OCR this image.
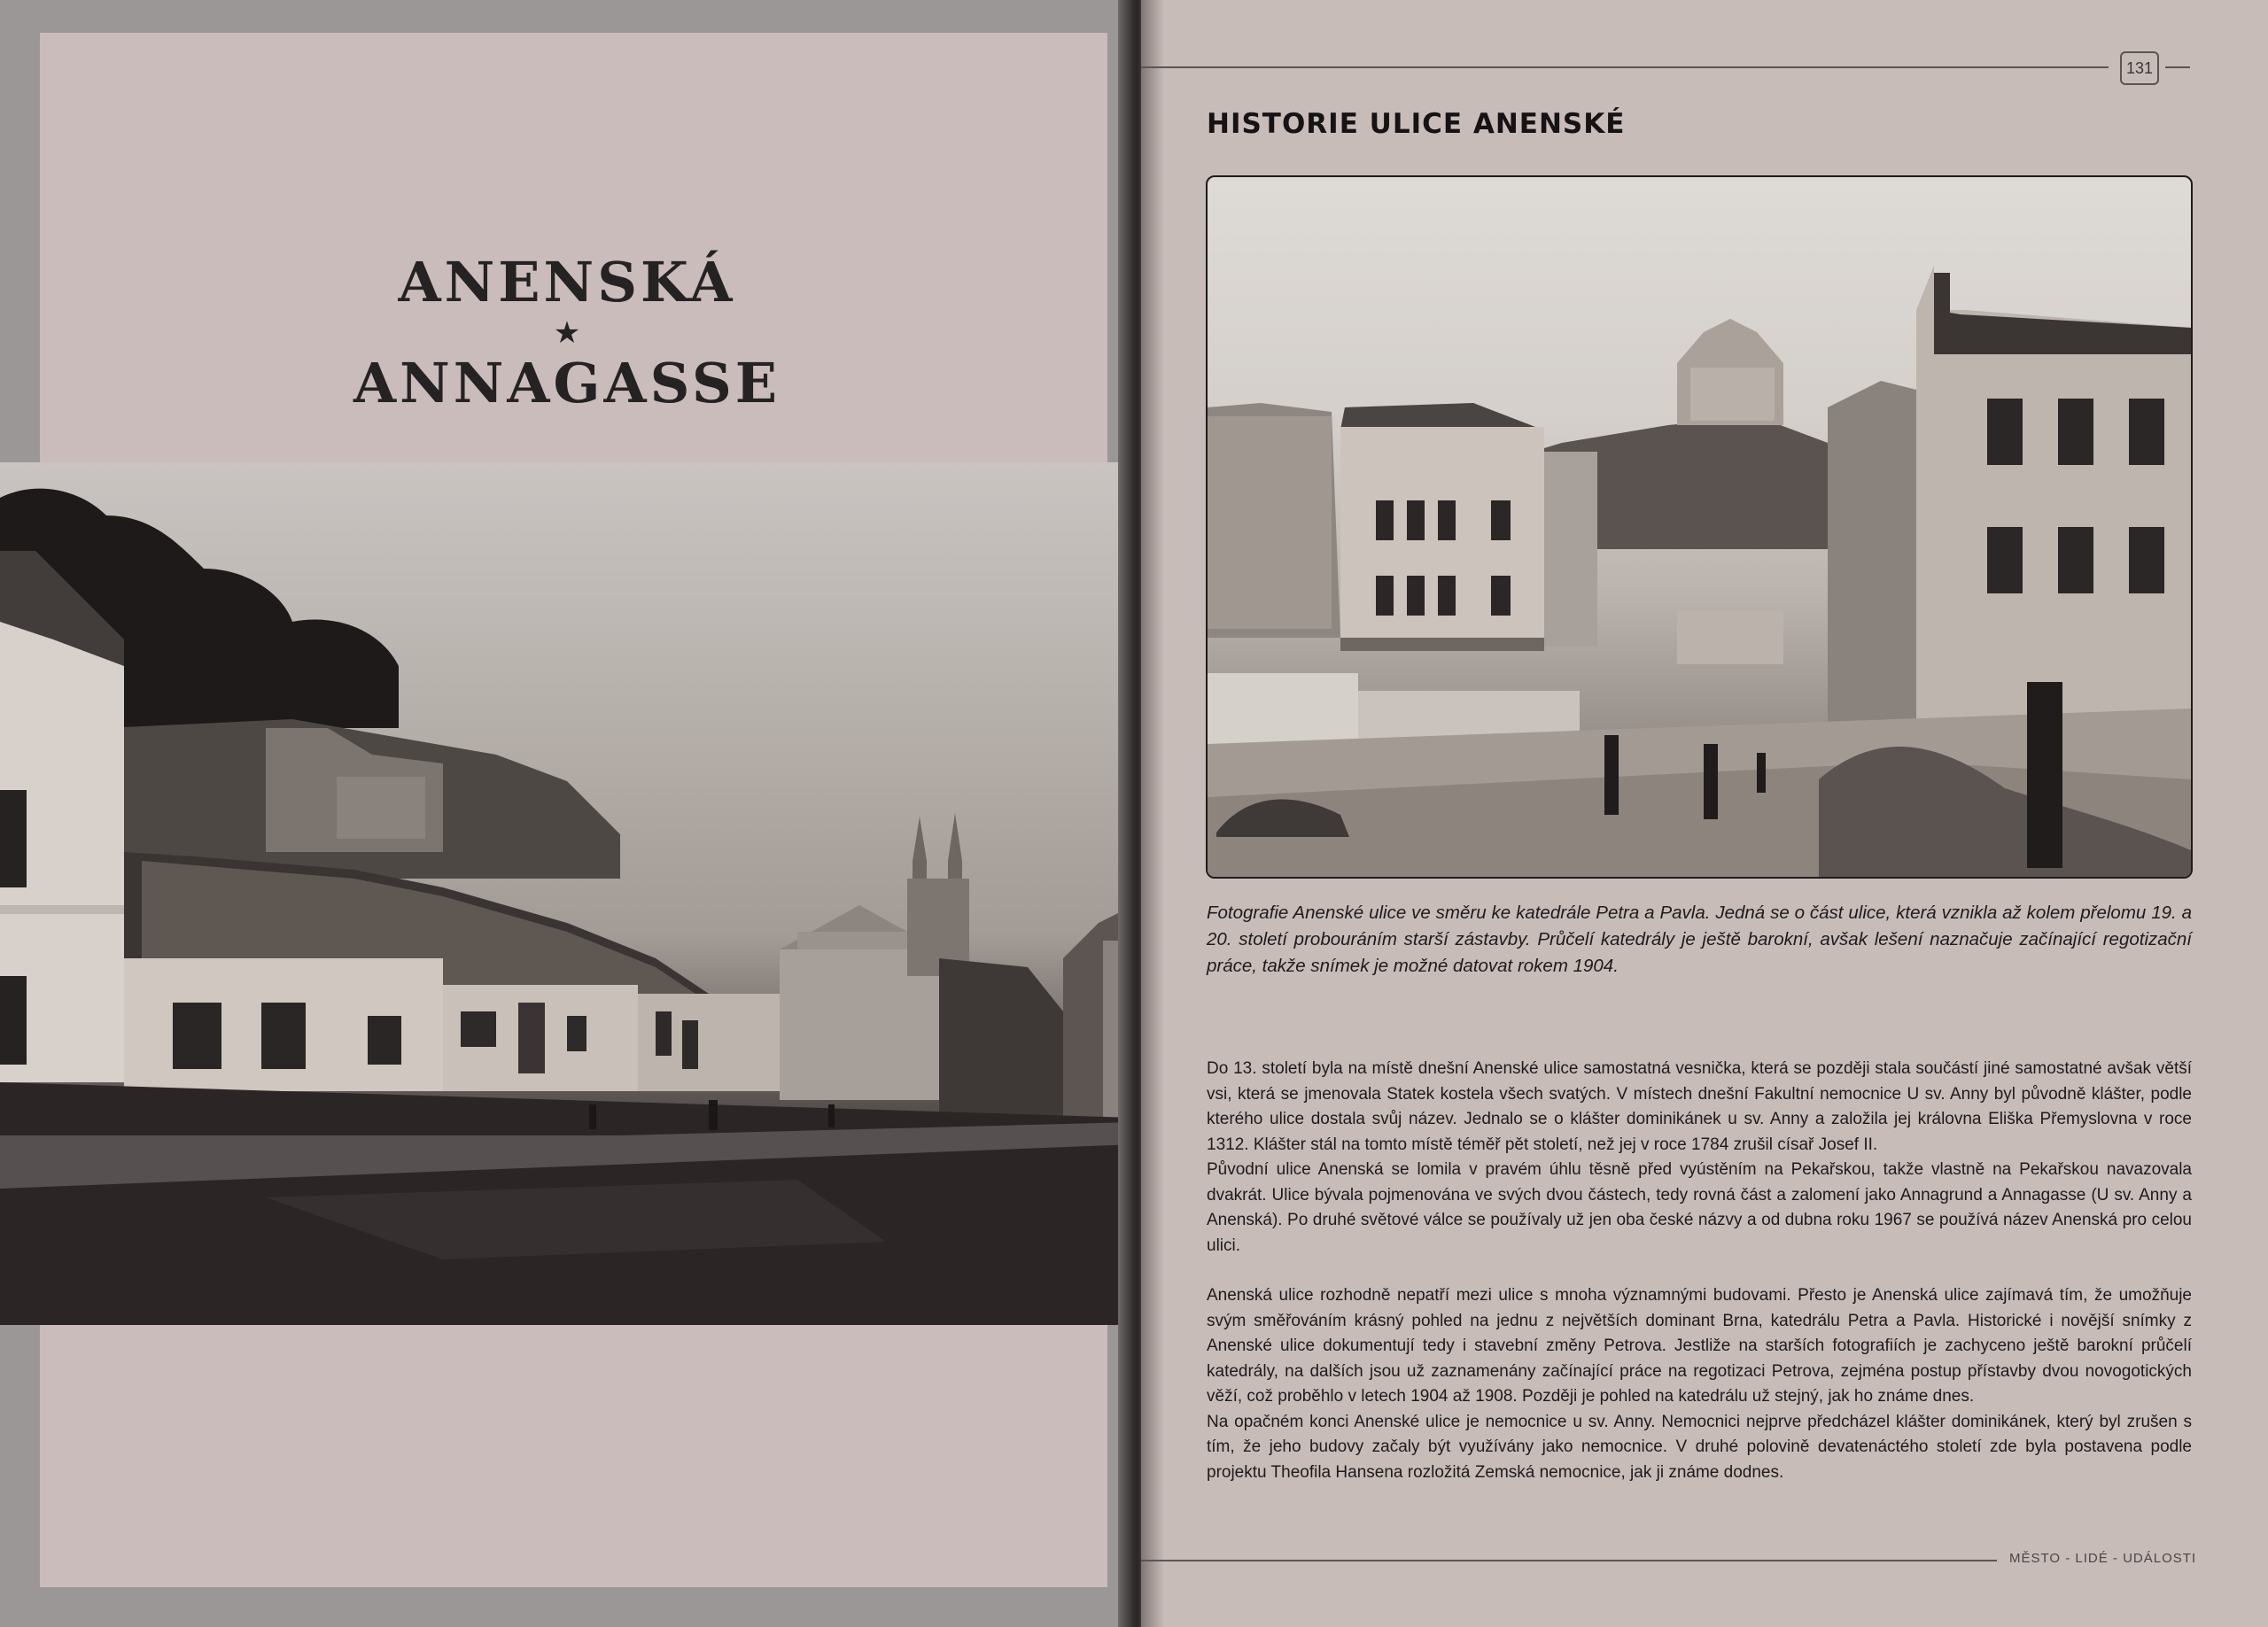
ANENSKÁ
★
ANNAGASSE
131
HISTORIE ULICE ANENSKÉ
Fotografie Anenské ulice ve směru ke katedrále Petra a Pavla. Jedná se o část ulice, která vznikla až kolem přelomu 19. a 20. století probouráním starší zástavby. Průčelí katedrály je ještě barokní, avšak lešení naznačuje začínající regotizační práce, takže snímek je možné datovat rokem 1904.

Do 13. století byla na místě dnešní Anenské ulice samostatná vesnička, která se později stala součástí jiné samostatné avšak větší vsi, která se jmenovala Statek kostela všech svatých. V místech dnešní Fakultní nemocnice U sv. Anny byl původně klášter, podle kterého ulice dostala svůj název. Jednalo se o klášter dominikánek u sv. Anny a založila jej královna Eliška Přemyslovna v roce 1312. Klášter stál na tomto místě téměř pět století, než jej v roce 1784 zrušil císař Josef II.

Původní ulice Anenská se lomila v pravém úhlu těsně před vyústěním na Pekařskou, takže vlastně na Pekařskou navazovala dvakrát. Ulice bývala pojmenována ve svých dvou částech, tedy rovná část a zalomení jako Annagrund a Annagasse (U sv. Anny a Anenská). Po druhé světové válce se používaly už jen oba české názvy a od dubna roku 1967 se používá název Anenská pro celou ulici.

Anenská ulice rozhodně nepatří mezi ulice s mnoha významnými budovami. Přesto je Anenská ulice zajímavá tím, že umožňuje svým směřováním krásný pohled na jednu z největších dominant Brna, katedrálu Petra a Pavla. Historické i novější snímky z Anenské ulice dokumentují tedy i stavební změny Petrova. Jestliže na starších fotografiích je zachyceno ještě barokní průčelí katedrály, na dalších jsou už zaznamenány začínající práce na regotizaci Petrova, zejména postup přístavby dvou novogotických věží, což proběhlo v letech 1904 až 1908. Později je pohled na katedrálu už stejný, jak ho známe dnes.

Na opačném konci Anenské ulice je nemocnice u sv. Anny. Nemocnici nejprve předcházel klášter dominikánek, který byl zrušen s tím, že jeho budovy začaly být využívány jako nemocnice. V druhé polovině devatenáctého století zde byla postavena podle projektu Theofila Hansena rozložitá Zemská nemocnice, jak ji známe dodnes.

MĚSTO - LIDÉ - UDÁLOSTI
